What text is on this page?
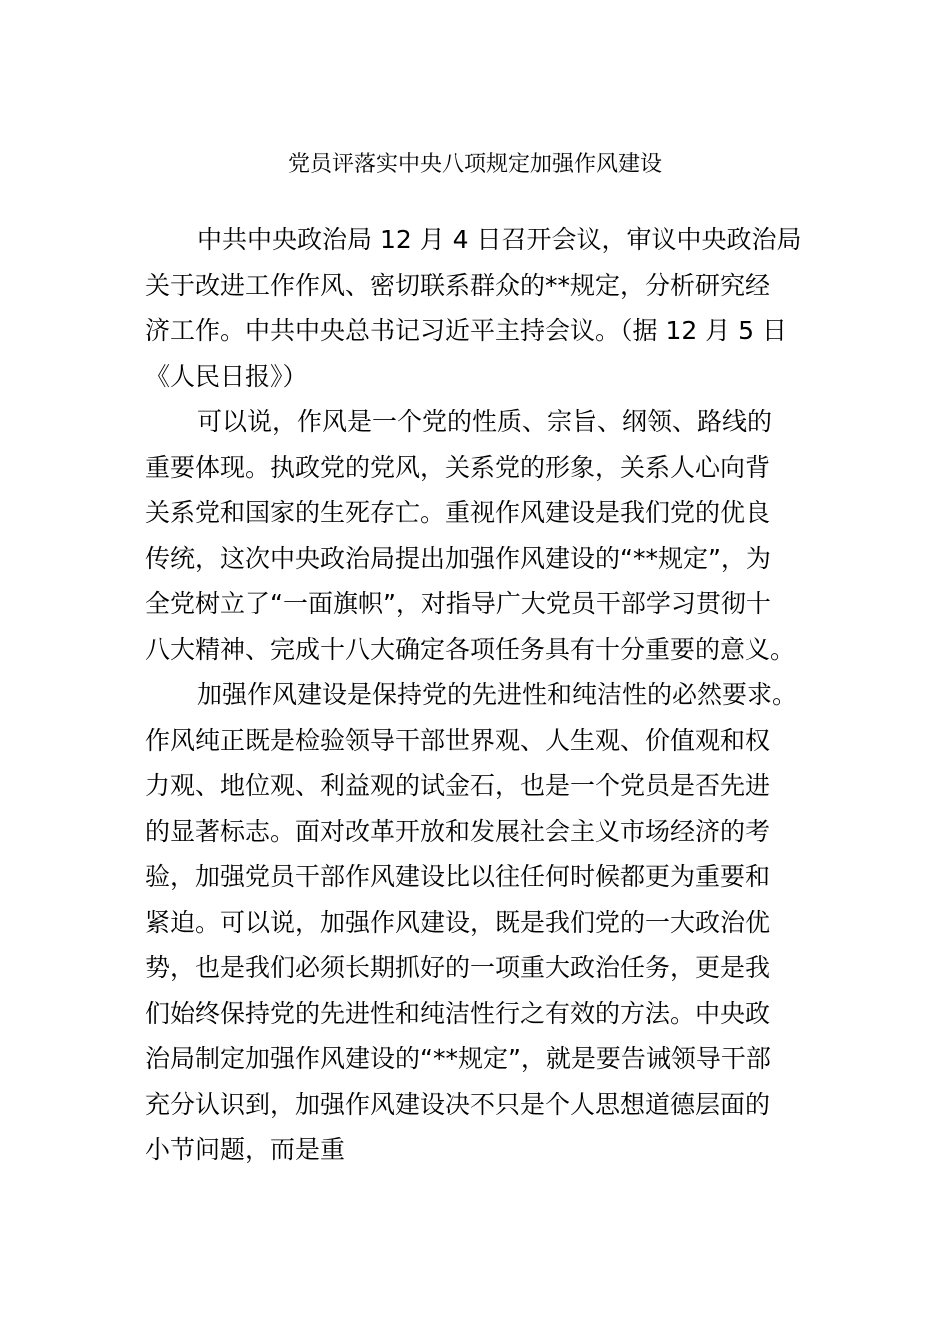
党员评落实中央八项规定加强作风建设
中共中央政治局 12 月 4 日召开会议，审议中央政治局
关于改进工作作风、密切联系群众的**规定，分析研究经
济工作。中共中央总书记习近平主持会议。（据 12 月 5 日
《人民日报》）
可以说，作风是一个党的性质、宗旨、纲领、路线的
重要体现。执政党的党风，关系党的形象，关系人心向背
关系党和国家的生死存亡。重视作风建设是我们党的优良
传统，这次中央政治局提出加强作风建设的“**规定”，为
全党树立了“一面旗帜”，对指导广大党员干部学习贯彻十
八大精神、完成十八大确定各项任务具有十分重要的意义。
加强作风建设是保持党的先进性和纯洁性的必然要求。
作风纯正既是检验领导干部世界观、人生观、价值观和权
力观、地位观、利益观的试金石，也是一个党员是否先进
的显著标志。面对改革开放和发展社会主义市场经济的考
验，加强党员干部作风建设比以往任何时候都更为重要和
紧迫。可以说，加强作风建设，既是我们党的一大政治优
势，也是我们必须长期抓好的一项重大政治任务，更是我
们始终保持党的先进性和纯洁性行之有效的方法。中央政
治局制定加强作风建设的“**规定”，就是要告诫领导干部
充分认识到，加强作风建设决不只是个人思想道德层面的
小节问题，而是重
